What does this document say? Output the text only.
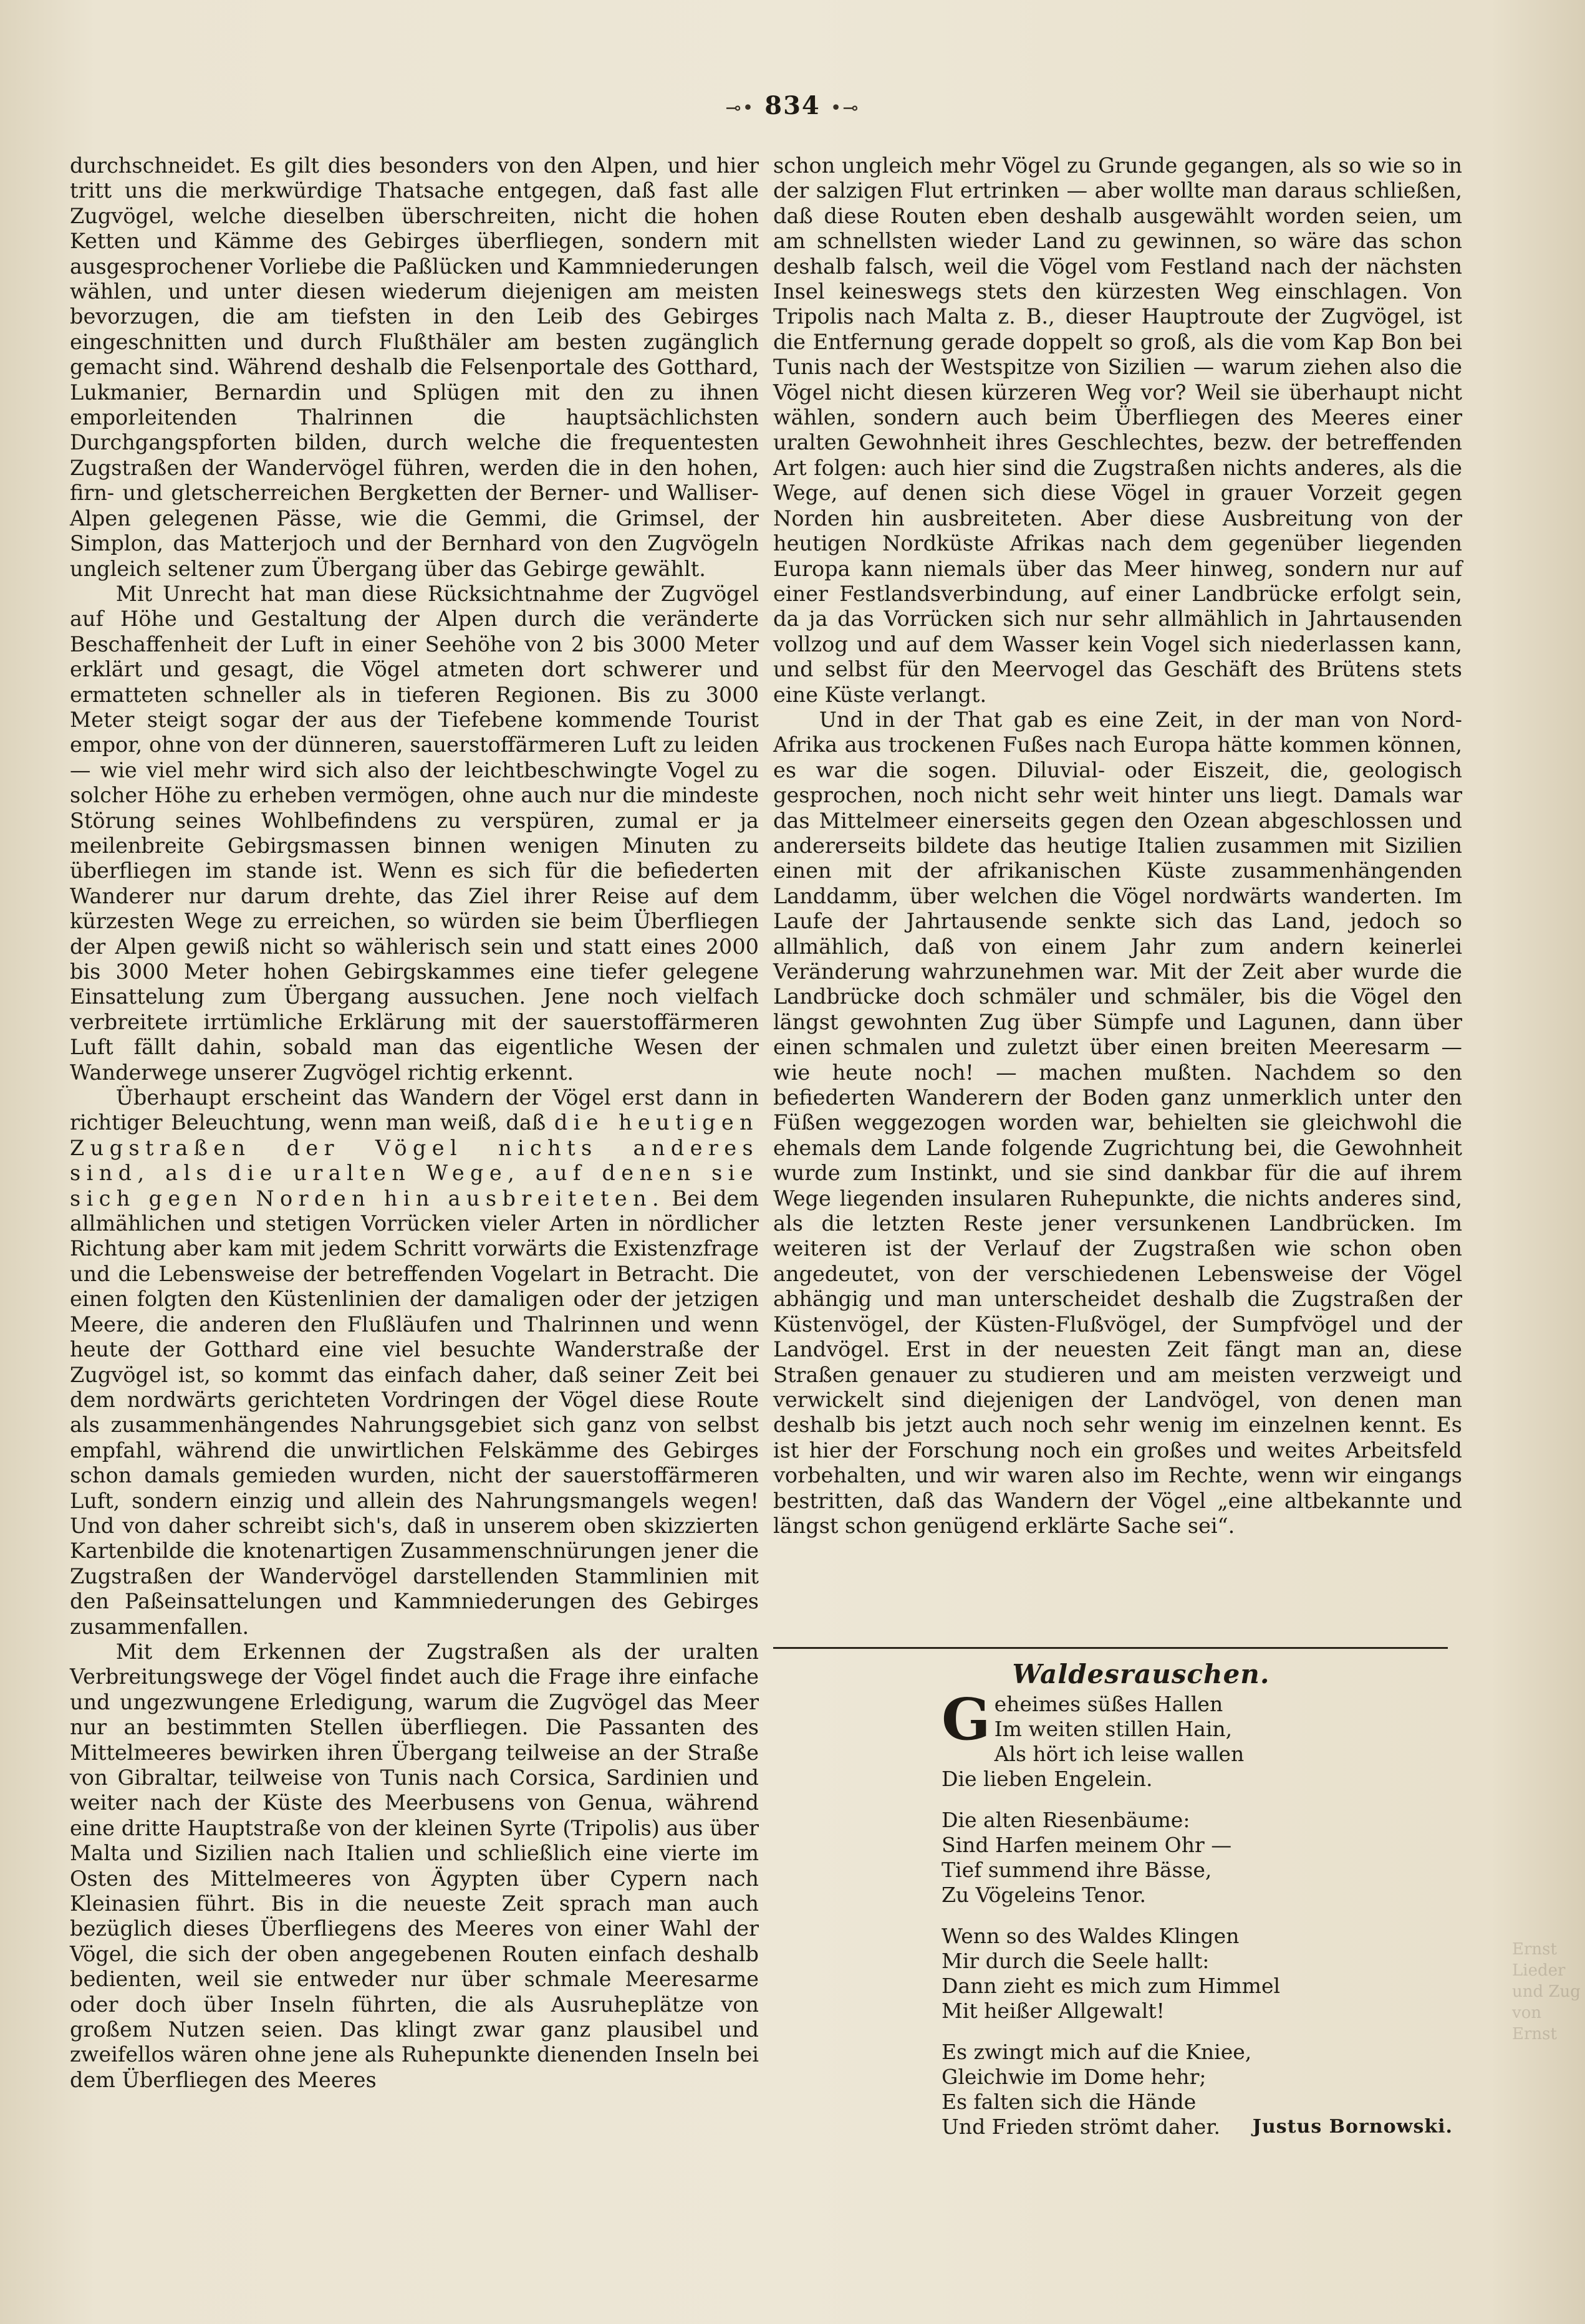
⊸• 834 •⊸

durchschneidet. Es gilt dies besonders von den Alpen, und hier tritt uns die merkwürdige Thatsache entgegen, daß fast alle Zugvögel, welche dieselben überschreiten, nicht die hohen Ketten und Kämme des Gebirges überfliegen, sondern mit ausgesprochener Vorliebe die Paßlücken und Kammniederungen wählen, und unter diesen wiederum diejenigen am meisten bevorzugen, die am tiefsten in den Leib des Gebirges eingeschnitten und durch Flußthäler am besten zugänglich gemacht sind. Während deshalb die Felsenportale des Gotthard, Lukmanier, Bernardin und Splügen mit den zu ihnen emporleitenden Thalrinnen die hauptsächlichsten Durchgangspforten bilden, durch welche die frequentesten Zugstraßen der Wandervögel führen, werden die in den hohen, firn- und gletscherreichen Bergketten der Berner- und Walliser-Alpen gelegenen Pässe, wie die Gemmi, die Grimsel, der Simplon, das Matterjoch und der Bernhard von den Zugvögeln ungleich seltener zum Übergang über das Gebirge gewählt.

Mit Unrecht hat man diese Rücksichtnahme der Zugvögel auf Höhe und Gestaltung der Alpen durch die veränderte Beschaffenheit der Luft in einer Seehöhe von 2 bis 3000 Meter erklärt und gesagt, die Vögel atmeten dort schwerer und ermatteten schneller als in tieferen Regionen. Bis zu 3000 Meter steigt sogar der aus der Tiefebene kommende Tourist empor, ohne von der dünneren, sauerstoffärmeren Luft zu leiden — wie viel mehr wird sich also der leichtbeschwingte Vogel zu solcher Höhe zu erheben vermögen, ohne auch nur die mindeste Störung seines Wohlbefindens zu verspüren, zumal er ja meilenbreite Gebirgsmassen binnen wenigen Minuten zu überfliegen im stande ist. Wenn es sich für die befiederten Wanderer nur darum drehte, das Ziel ihrer Reise auf dem kürzesten Wege zu erreichen, so würden sie beim Überfliegen der Alpen gewiß nicht so wählerisch sein und statt eines 2000 bis 3000 Meter hohen Gebirgskammes eine tiefer gelegene Einsattelung zum Übergang aussuchen. Jene noch vielfach verbreitete irrtümliche Erklärung mit der sauerstoffärmeren Luft fällt dahin, sobald man das eigentliche Wesen der Wanderwege unserer Zugvögel richtig erkennt.

Überhaupt erscheint das Wandern der Vögel erst dann in richtiger Beleuchtung, wenn man weiß, daß die heutigen Zugstraßen der Vögel nichts anderes sind, als die uralten Wege, auf denen sie sich gegen Norden hin ausbreiteten. Bei dem allmählichen und stetigen Vorrücken vieler Arten in nördlicher Richtung aber kam mit jedem Schritt vorwärts die Existenzfrage und die Lebensweise der betreffenden Vogelart in Betracht. Die einen folgten den Küstenlinien der damaligen oder der jetzigen Meere, die anderen den Flußläufen und Thalrinnen und wenn heute der Gotthard eine viel besuchte Wanderstraße der Zugvögel ist, so kommt das einfach daher, daß seiner Zeit bei dem nordwärts gerichteten Vordringen der Vögel diese Route als zusammenhängendes Nahrungsgebiet sich ganz von selbst empfahl, während die unwirtlichen Felskämme des Gebirges schon damals gemieden wurden, nicht der sauerstoffärmeren Luft, sondern einzig und allein des Nahrungsmangels wegen! Und von daher schreibt sich's, daß in unserem oben skizzierten Kartenbilde die knotenartigen Zusammenschnürungen jener die Zugstraßen der Wandervögel darstellenden Stammlinien mit den Paßeinsattelungen und Kammniederungen des Gebirges zusammenfallen.

Mit dem Erkennen der Zugstraßen als der uralten Verbreitungswege der Vögel findet auch die Frage ihre einfache und ungezwungene Erledigung, warum die Zugvögel das Meer nur an bestimmten Stellen überfliegen. Die Passanten des Mittelmeeres bewirken ihren Übergang teilweise an der Straße von Gibraltar, teilweise von Tunis nach Corsica, Sardinien und weiter nach der Küste des Meerbusens von Genua, während eine dritte Hauptstraße von der kleinen Syrte (Tripolis) aus über Malta und Sizilien nach Italien und schließlich eine vierte im Osten des Mittelmeeres von Ägypten über Cypern nach Kleinasien führt. Bis in die neueste Zeit sprach man auch bezüglich dieses Überfliegens des Meeres von einer Wahl der Vögel, die sich der oben angegebenen Routen einfach deshalb bedienten, weil sie entweder nur über schmale Meeresarme oder doch über Inseln führten, die als Ausruheplätze von großem Nutzen seien. Das klingt zwar ganz plausibel und zweifellos wären ohne jene als Ruhepunkte dienenden Inseln bei dem Überfliegen des Meeres

schon ungleich mehr Vögel zu Grunde gegangen, als so wie so in der salzigen Flut ertrinken — aber wollte man daraus schließen, daß diese Routen eben deshalb ausgewählt worden seien, um am schnellsten wieder Land zu gewinnen, so wäre das schon deshalb falsch, weil die Vögel vom Festland nach der nächsten Insel keineswegs stets den kürzesten Weg einschlagen. Von Tripolis nach Malta z. B., dieser Hauptroute der Zugvögel, ist die Entfernung gerade doppelt so groß, als die vom Kap Bon bei Tunis nach der Westspitze von Sizilien — warum ziehen also die Vögel nicht diesen kürzeren Weg vor? Weil sie überhaupt nicht wählen, sondern auch beim Überfliegen des Meeres einer uralten Gewohnheit ihres Geschlechtes, bezw. der betreffenden Art folgen: auch hier sind die Zugstraßen nichts anderes, als die Wege, auf denen sich diese Vögel in grauer Vorzeit gegen Norden hin ausbreiteten. Aber diese Ausbreitung von der heutigen Nordküste Afrikas nach dem gegenüber liegenden Europa kann niemals über das Meer hinweg, sondern nur auf einer Festlandsverbindung, auf einer Landbrücke erfolgt sein, da ja das Vorrücken sich nur sehr allmählich in Jahrtausenden vollzog und auf dem Wasser kein Vogel sich niederlassen kann, und selbst für den Meervogel das Geschäft des Brütens stets eine Küste verlangt.

Und in der That gab es eine Zeit, in der man von Nord-Afrika aus trockenen Fußes nach Europa hätte kommen können, es war die sogen. Diluvial- oder Eiszeit, die, geologisch gesprochen, noch nicht sehr weit hinter uns liegt. Damals war das Mittelmeer einerseits gegen den Ozean abgeschlossen und andererseits bildete das heutige Italien zusammen mit Sizilien einen mit der afrikanischen Küste zusammenhängenden Landdamm, über welchen die Vögel nordwärts wanderten. Im Laufe der Jahrtausende senkte sich das Land, jedoch so allmählich, daß von einem Jahr zum andern keinerlei Veränderung wahrzunehmen war. Mit der Zeit aber wurde die Landbrücke doch schmäler und schmäler, bis die Vögel den längst gewohnten Zug über Sümpfe und Lagunen, dann über einen schmalen und zuletzt über einen breiten Meeresarm — wie heute noch! — machen mußten. Nachdem so den befiederten Wanderern der Boden ganz unmerklich unter den Füßen weggezogen worden war, behielten sie gleichwohl die ehemals dem Lande folgende Zugrichtung bei, die Gewohnheit wurde zum Instinkt, und sie sind dankbar für die auf ihrem Wege liegenden insularen Ruhepunkte, die nichts anderes sind, als die letzten Reste jener versunkenen Landbrücken. Im weiteren ist der Verlauf der Zugstraßen wie schon oben angedeutet, von der verschiedenen Lebensweise der Vögel abhängig und man unterscheidet deshalb die Zugstraßen der Küstenvögel, der Küsten-Flußvögel, der Sumpfvögel und der Landvögel. Erst in der neuesten Zeit fängt man an, diese Straßen genauer zu studieren und am meisten verzweigt und verwickelt sind diejenigen der Landvögel, von denen man deshalb bis jetzt auch noch sehr wenig im einzelnen kennt. Es ist hier der Forschung noch ein großes und weites Arbeitsfeld vorbehalten, und wir waren also im Rechte, wenn wir eingangs bestritten, daß das Wandern der Vögel „eine altbekannte und längst schon genügend erklärte Sache sei“.

Waldesrauschen.
G eheimes süßes Hallen

Im weiten stillen Hain,

Als hört ich leise wallen

Die lieben Engelein.

Die alten Riesenbäume:

Sind Harfen meinem Ohr —

Tief summend ihre Bässe,

Zu Vögeleins Tenor.

Wenn so des Waldes Klingen

Mir durch die Seele hallt:

Dann zieht es mich zum Himmel

Mit heißer Allgewalt!

Es zwingt mich auf die Kniee,

Gleichwie im Dome hehr;

Es falten sich die Hände

Und Frieden strömt daher. Justus Bornowski.
Ernst
Lieder und Zug von Ernst
